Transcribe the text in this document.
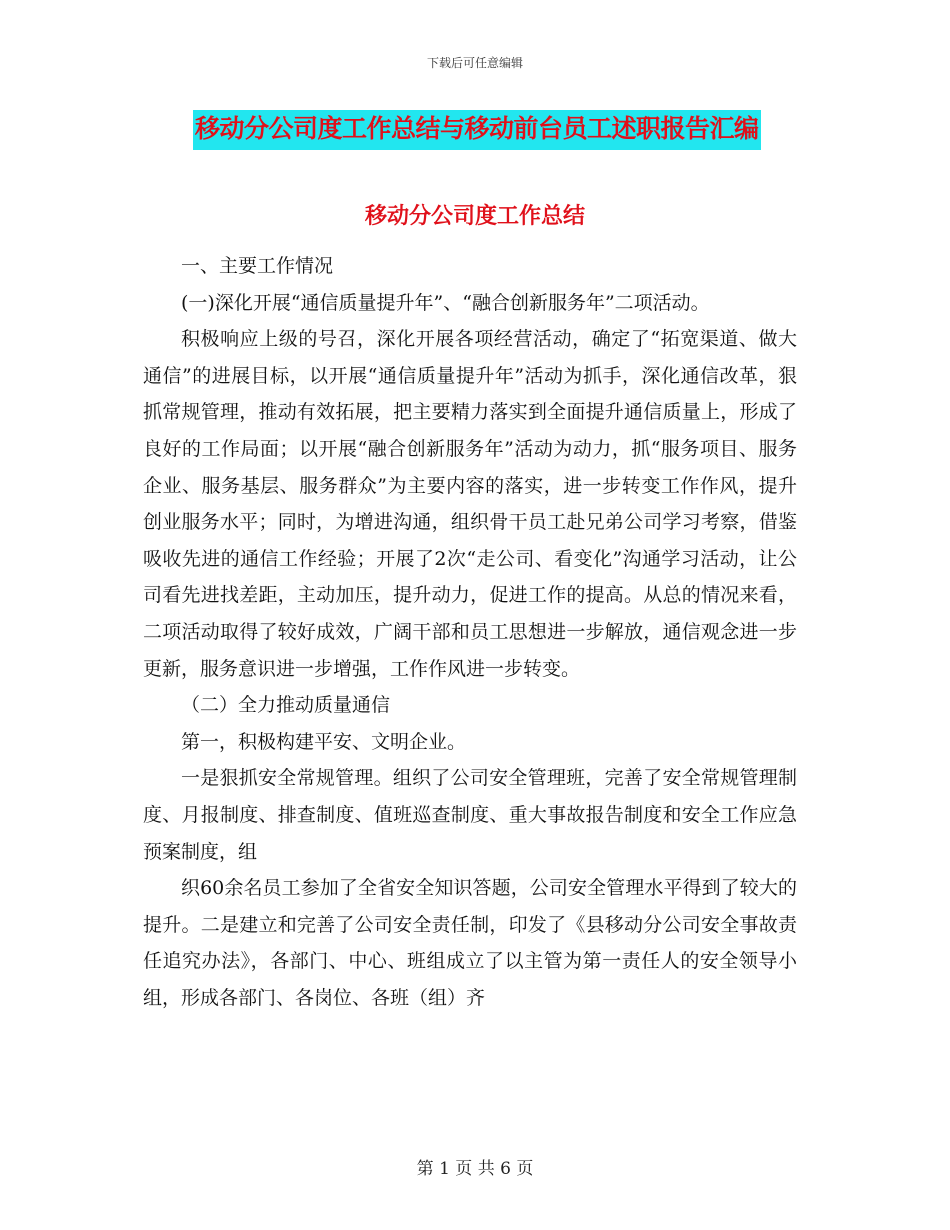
下载后可任意编辑
移动分公司度工作总结与移动前台员工述职报告汇编
移动分公司度工作总结

一、主要工作情况

(一)深化开展“通信质量提升年”、“融合创新服务年”二项活动。

积极响应上级的号召，深化开展各项经营活动，确定了“拓宽渠道、做大通信”的进展目标，以开展“通信质量提升年”活动为抓手，深化通信改革，狠抓常规管理，推动有效拓展，把主要精力落实到全面提升通信质量上，形成了良好的工作局面；以开展“融合创新服务年”活动为动力，抓“服务项目、服务企业、服务基层、服务群众”为主要内容的落实，进一步转变工作作风，提升创业服务水平；同时，为增进沟通，组织骨干员工赴兄弟公司学习考察，借鉴吸收先进的通信工作经验；开展了2次“走公司、看变化”沟通学习活动，让公司看先进找差距，主动加压，提升动力，促进工作的提高。从总的情况来看，二项活动取得了较好成效，广阔干部和员工思想进一步解放，通信观念进一步更新，服务意识进一步增强，工作作风进一步转变。

（二）全力推动质量通信

第一，积极构建平安、文明企业。

一是狠抓安全常规管理。组织了公司安全管理班，完善了安全常规管理制度、月报制度、排查制度、值班巡查制度、重大事故报告制度和安全工作应急预案制度，组

织60余名员工参加了全省安全知识答题，公司安全管理水平得到了较大的提升。二是建立和完善了公司安全责任制，印发了《县移动分公司安全事故责任追究办法》，各部门、中心、班组成立了以主管为第一责任人的安全领导小组，形成各部门、各岗位、各班（组）齐

第 1 页 共 6 页
